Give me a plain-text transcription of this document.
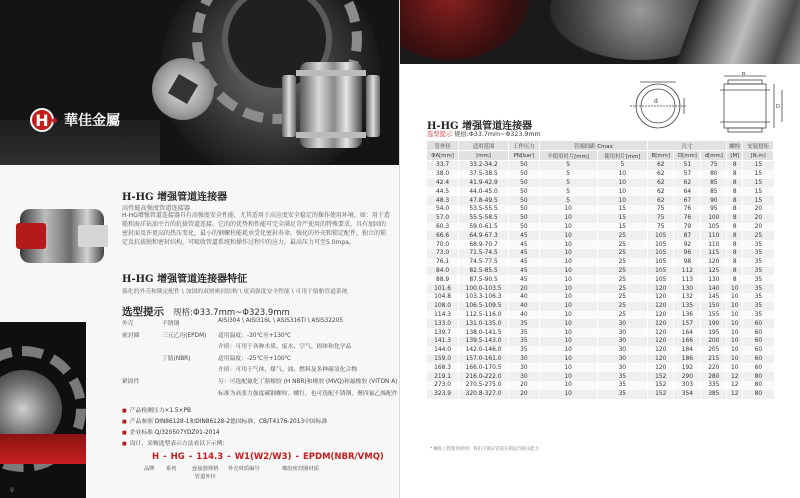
H	華佳金屬
H-HG 增强管道连接器
高性能高强度管道连接器

H-HG增强管道连接器具有高强度安全性能，尤其适用于高应度安全稳定的操作使用环境。如：用于造船和海洋钻油平台的抗拔管道连接。它的的优势和性能可完全满足苛严使用的特殊要求，具有加固的密封面及许更高的热压变化，最小的钢螺柱能耗承受化密封寿命，强化的外壳和锁定配件，独立的锁定及抗拔脱和密封结构，可吸收管道系统和操作过程中的应力。最高压力可至5.0mpa。

H-HG 增强管道连接器特征
强化的外壳和锁定配件 \ 加固的双層密封结构 \ 更高强度安全性能 \ 可用于船舶管道系统
选型提示 规格:Φ33.7mm~Φ323.9mm
外壳	不锈钢	AISI304 \ AISI316L \ ASIS316Ti \ ASIS32205
密封圈	三元乙丙(EPDM) 适用温度：-30℃至+130℃
介质：可用于各种水质、废水、空气、固体和化学品
丁腈(NBR)	适用温度：-25℃至+100℃
介质：可用于气体、煤气、油、燃料及多种碳氢化合物
紧固件	另：可选配氟化丁腈橡胶 (H NBR)和橡胶 (MVQ)和氟橡胶 (VITON A)
标准为高张力强度碳钢螺栓、螺钉，也可选配不锈钢、聚四氟乙烯配件
■ 产品检测压力×1.5×PB
■ 产品参照 DIN86128-1和DIN86128-2德国标准、CB/T4176-2013中国标准
■ 企业标准 Q/320507YDZ01-2014
■ 设计、采购选型表示方法看以下示例:
H - HG - 114.3 - W1(W2/W3) - EPDM(NBR/VMQ)
9
品牌 系列	连接器规格
管道外径
外壳材质编号	橡胶密封圈材质
d
B
D
H-HG 增强管道连接器
选型提示 规格:Φ33.7mm~Φ323.9mm
管外径	适用范围	工作压力	管端间距 Cmax		尺寸			螺栓	安装扭矩
ΦA[mm]	[mm]	PN[bar]	不使用衬片[mm]	使用衬片[mm]	B[mm]	D[mm]	d[mm]	[M]	[N.m]
33.7	33.2-34.2	50	5	5	62	51	75	8	15
38.0	37.5-38.5	50	5	10	62	57	80	8	15
42.4	41.9-42.9	50	5	10	62	62	85	8	15
44.5	44.0-45.0	50	5	10	62	64	85	8	15
48.3	47.8-49.5	50	5	10	62	67	90	8	15
54.0	53.5-55.5	50	10	15	75	76	95	8	20
57.0	55.5-58.5	50	10	15	75	76	100	8	20
60.3	59.0-61.5	50	10	15	75	79	105	8	20
66.6	64.9-67.3	45	10	25	105	87	110	8	25
70.0	68.9-70.7	45	10	25	105	92	110	8	35
73.0	71.5-74.5	45	10	25	105	96	115	8	35
76.1	74.5-77.5	45	10	25	105	98	120	8	35
84.0	82.5-85.5	45	10	25	105	112	125	8	35
88.9	87.5-90.5	45	10	25	105	113	130	8	35
101.6	100.0-103.5	20	10	25	120	130	140	10	35
104.8	103.3-106.3	40	10	25	120	132	145	10	35
108.0	106.5-109.5	40	10	25	120	135	150	10	35
114.3	112.5-116.0	40	10	25	120	136	155	10	35
133.0	131.0-135.0	35	10	30	120	157	190	10	60
139.7	138.0-141.5	35	10	30	120	164	195	10	60
141.3	139.5-143.0	35	10	30	120	166	200	10	60
144.0	142.0-146.0	35	10	30	120	184	205	10	60
159.0	157.0-161.0	30	10	30	120	186	215	10	60
168.3	166.0-170.5	30	10	30	120	192	220	10	60
219.1	216.0-222.0	30	10	35	152	290	280	12	80
273.0	270.5-275.0	20	10	35	152	303	335	12	80
323.9	320.8-327.0	20	10	35	152	354	385	12	80
* 螺柱工程使用原则：我们不保证管道长期运行耐压能力
